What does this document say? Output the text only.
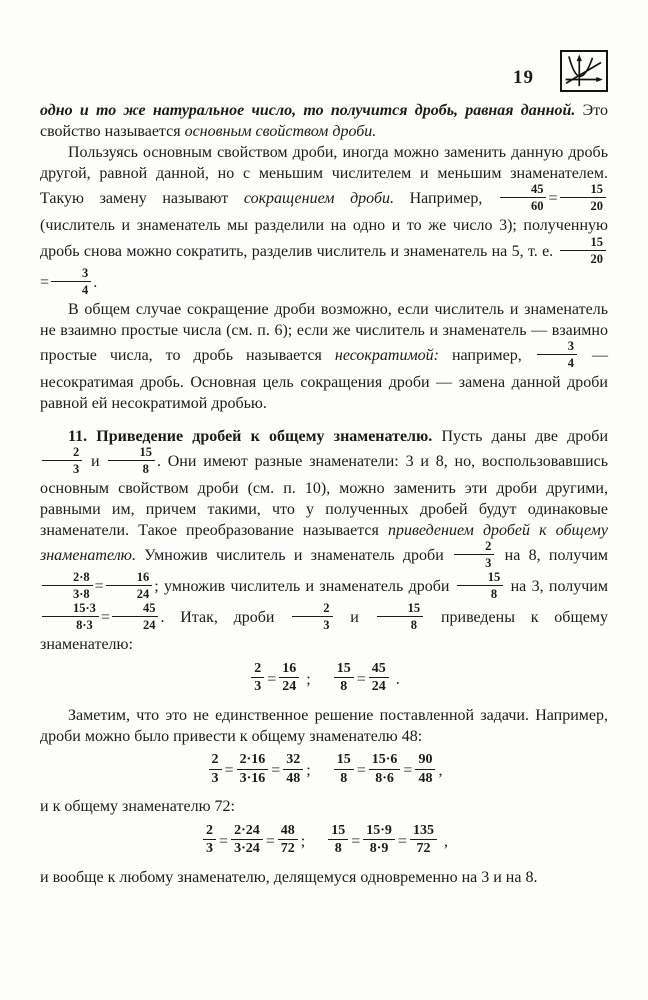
19

одно и то же натуральное число, то получится дробь, равная данной. Это свойство называется основным свойством дроби.

Пользуясь основным свойством дроби, иногда можно заменить данную дробь другой, равной данной, но с меньшим числителем и меньшим знаменателем. Такую замену называют сокращением дроби. Например, $\frac{45}{60} = \frac{15}{20}$
(числитель и знаменатель мы разделили на одно и то же число 3); полученную дробь снова можно сократить, разделив числитель и знаменатель на 5, т. е. $\frac{15}{20}$
= $\frac{3}{4}$ .

В общем случае сокращение дроби возможно, если числитель и знаменатель не взаимно простые числа (см. п. 6); если же числитель и знаменатель — взаимно простые числа, то дробь называется несократимой: например, $\frac{3}{4}$ — несократимая дробь. Основная цель сокращения дроби — замена данной дроби равной ей несократимой дробью.

11. Приведение дробей к общему знаменателю. Пусть даны две дроби
$\frac{2}{3}$ и $\frac{15}{8}$ . Они имеют разные знаменатели: 3 и 8, но, воспользовавшись основным свойством дроби (см. п. 10), можно заменить эти дроби другими, равными им, причем такими, что у полученных дробей будут одинаковые знаменатели. Такое преобразование называется приведением дробей к общему знаменателю. Умножив числитель и знаменатель дроби $\frac{2}{3}$ на 8, получим
$\frac{2\cdot 8}{3\cdot 8} = \frac{16}{24}$ ; умножив числитель и знаменатель дроби $\frac{15}{8}$ на 3, получим
$\frac{15\cdot 3}{8\cdot 3} = \frac{45}{24}$ . Итак, дроби $\frac{2}{3}$ и $\frac{15}{8}$ приведены к общему знаменателю:

$\frac{2}{3} = \frac{16}{24}$ ; $\frac{15}{8} = \frac{45}{24}$ .

Заметим, что это не единственное решение поставленной задачи. Например, дроби можно было привести к общему знаменателю 48:

$\frac{2}{3} = \frac{2\cdot 16}{3\cdot 16} = \frac{32}{48}$ ; $\frac{15}{8} = \frac{15\cdot 6}{8\cdot 6} = \frac{90}{48}$ ,

и к общему знаменателю 72:

$\frac{2}{3} = \frac{2\cdot 24}{3\cdot 24} = \frac{48}{72}$ ; $\frac{15}{8} = \frac{15\cdot 9}{8\cdot 9} = \frac{135}{72}$ ,

и вообще к любому знаменателю, делящемуся одновременно на 3 и на 8.
